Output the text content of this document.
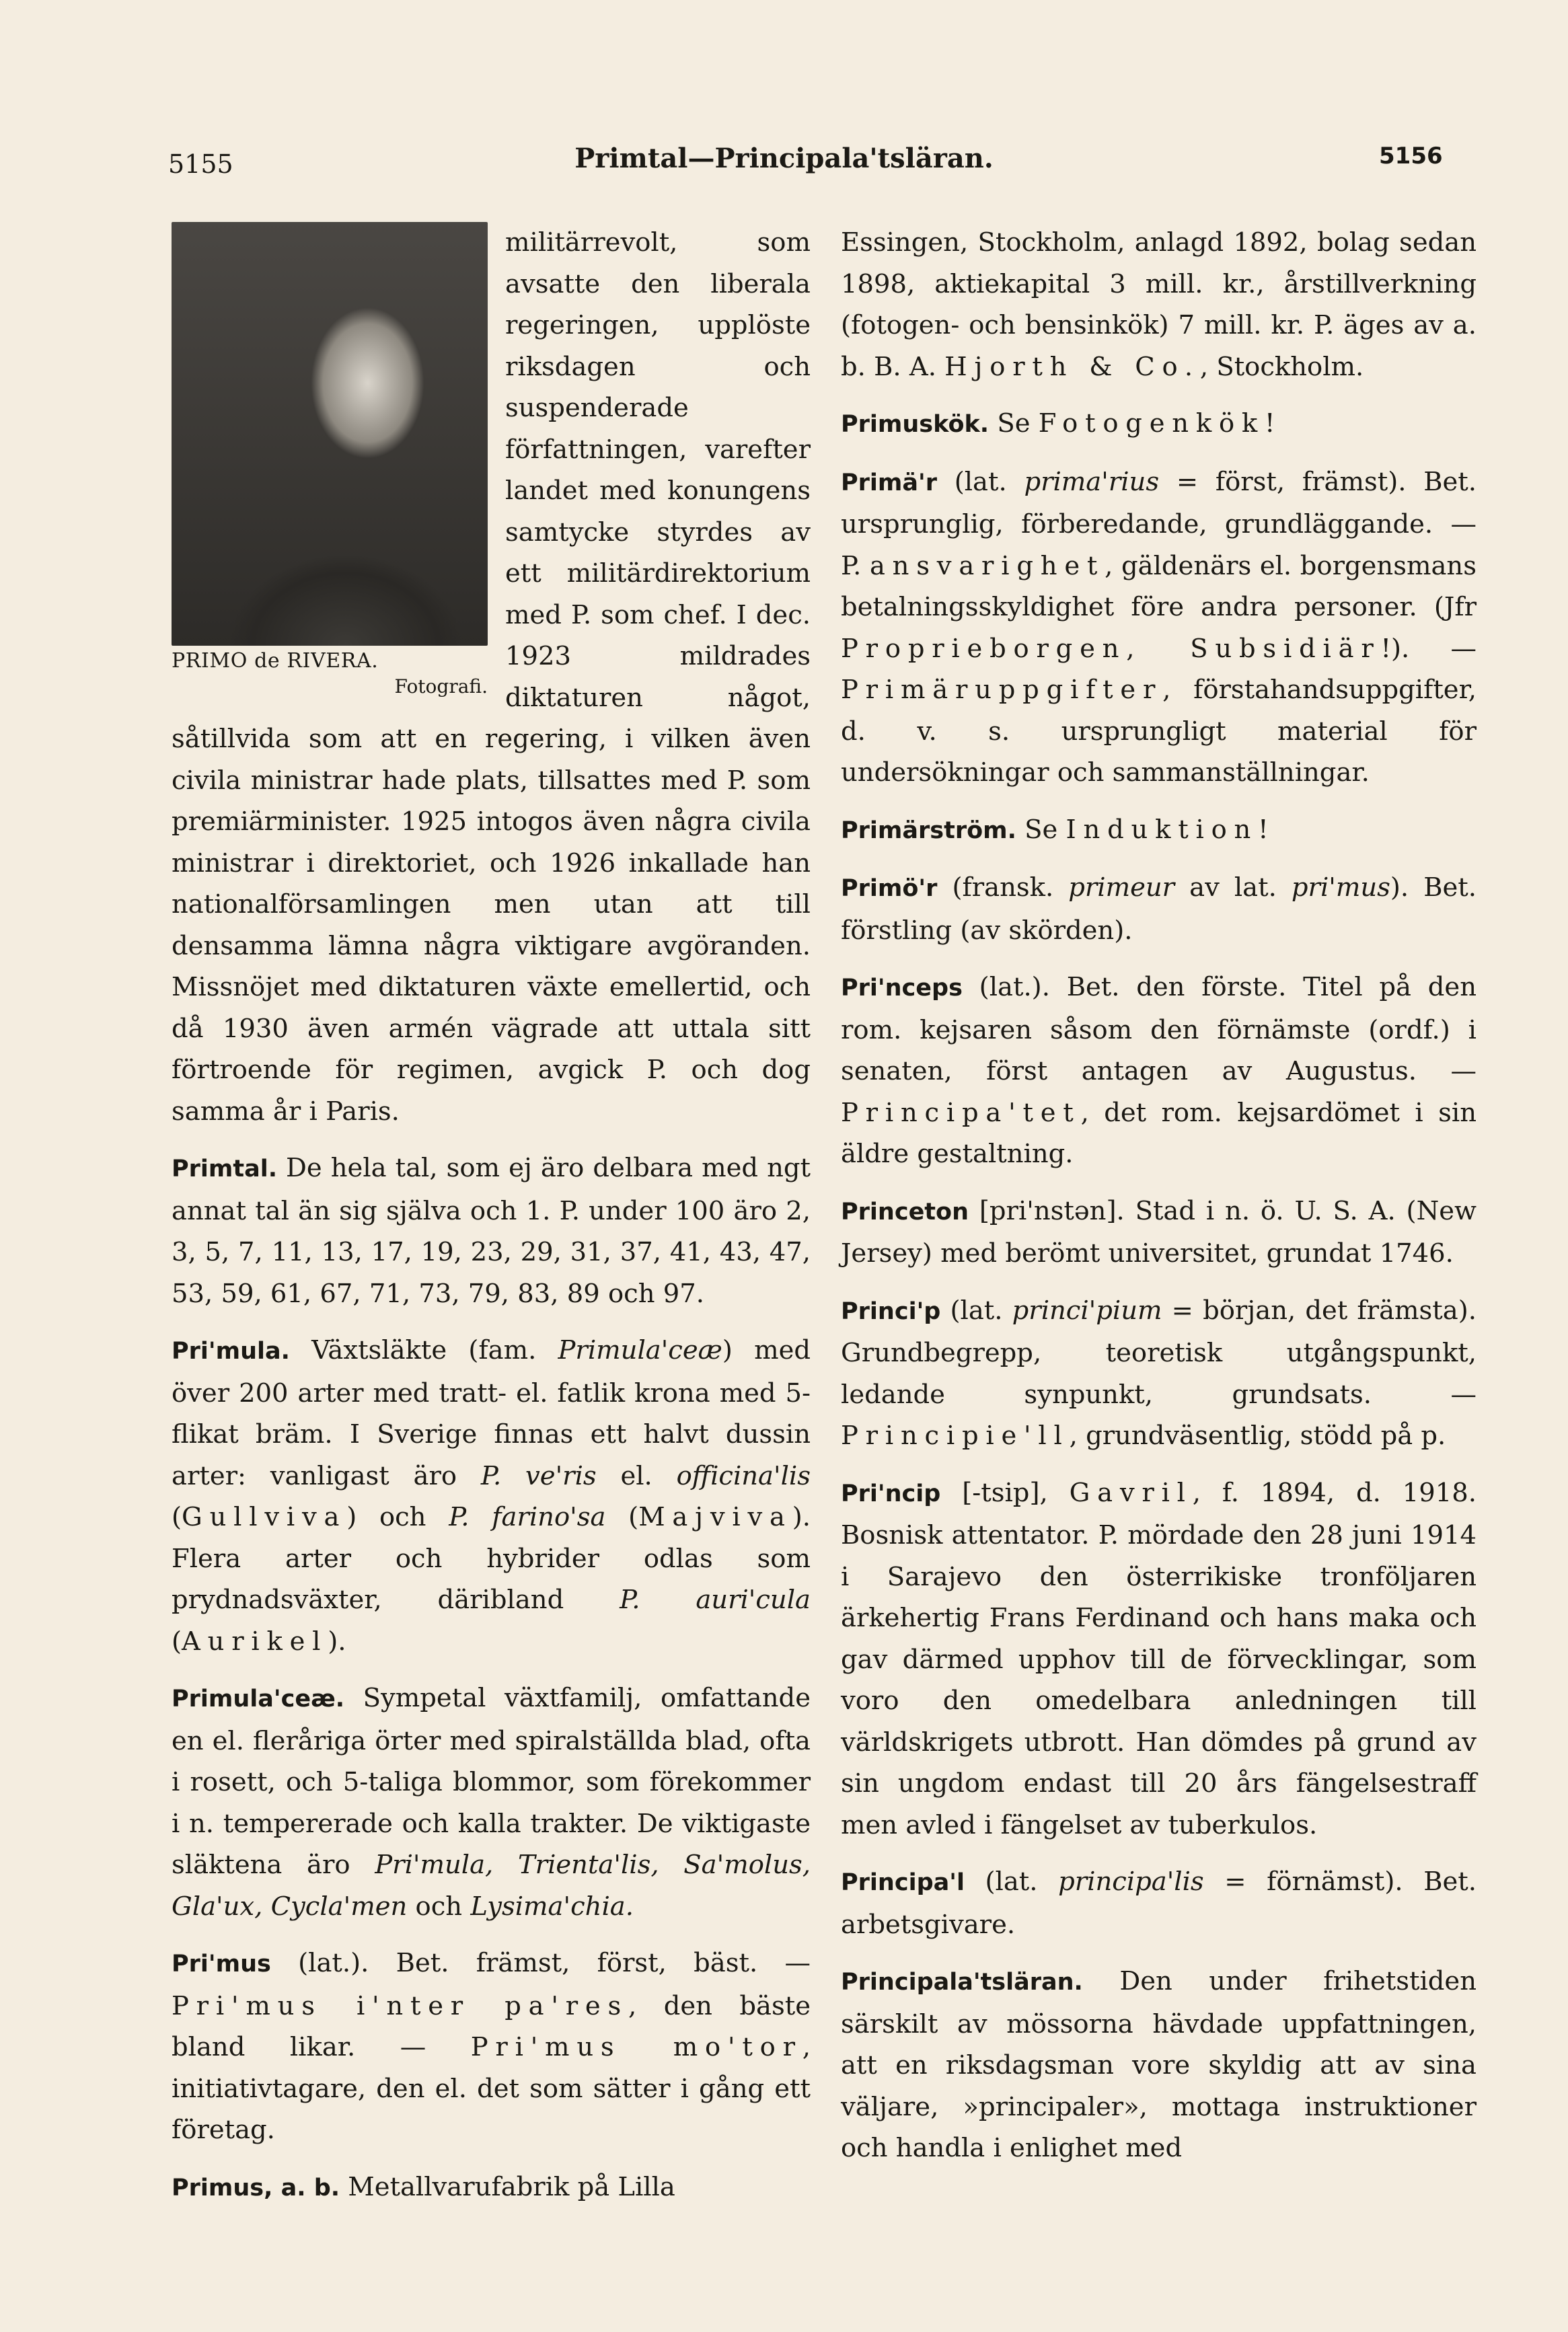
5155	Primtal—Principala'tsläran.	5156
PRIMO de RIVERA.
Fotografi.

militärrevolt, som avsatte den liberala regeringen, upplöste riksdagen och suspenderade författningen, varefter landet med konungens samtycke styrdes av ett militärdirektorium med P. som chef. I dec. 1923 mildrades diktaturen något, såtillvida som att en regering, i vilken även civila ministrar hade plats, tillsattes med P. som premiärminister. 1925 intogos även några civila ministrar i direktoriet, och 1926 inkallade han nationalförsamlingen men utan att till densamma lämna några viktigare avgöranden. Missnöjet med diktaturen växte emellertid, och då 1930 även armén vägrade att uttala sitt förtroende för regimen, avgick P. och dog samma år i Paris.

Primtal. De hela tal, som ej äro delbara med ngt annat tal än sig själva och 1. P. under 100 äro 2, 3, 5, 7, 11, 13, 17, 19, 23, 29, 31, 37, 41, 43, 47, 53, 59, 61, 67, 71, 73, 79, 83, 89 och 97.

Pri'mula. Växtsläkte (fam. Primula'ceæ) med över 200 arter med tratt- el. fatlik krona med 5-flikat bräm. I Sverige finnas ett halvt dussin arter: vanligast äro P. ve'ris el. officina'lis (Gullviva) och P. farino'sa (Majviva). Flera arter och hybrider odlas som prydnadsväxter, däribland P. auri'cula (Aurikel).

Primula'ceæ. Sympetal växtfamilj, omfattande en el. fleråriga örter med spiralställda blad, ofta i rosett, och 5-taliga blommor, som förekommer i n. tempererade och kalla trakter. De viktigaste släktena äro Pri'mula, Trienta'lis, Sa'molus, Gla'ux, Cycla'men och Lysima'chia.

Pri'mus (lat.). Bet. främst, först, bäst. — Pri'mus i'nter pa'res, den bäste bland likar. — Pri'mus mo'tor, initiativtagare, den el. det som sätter i gång ett företag.

Primus, a. b. Metallvarufabrik på Lilla

Essingen, Stockholm, anlagd 1892, bolag sedan 1898, aktiekapital 3 mill. kr., årstillverkning (fotogen- och bensinkök) 7 mill. kr. P. äges av a. b. B. A. Hjorth & Co., Stockholm.

Primuskök. Se Fotogenkök!

Primä'r (lat. prima'rius = först, främst). Bet. ursprunglig, förberedande, grundläggande. — P. ansvarighet, gäldenärs el. borgensmans betalningsskyldighet före andra personer. (Jfr Proprieborgen, Subsidiär!). — Primäruppgifter, förstahandsuppgifter, d. v. s. ursprungligt material för undersökningar och sammanställningar.

Primärström. Se Induktion!

Primö'r (fransk. primeur av lat. pri'mus). Bet. förstling (av skörden).

Pri'nceps (lat.). Bet. den förste. Titel på den rom. kejsaren såsom den förnämste (ordf.) i senaten, först antagen av Augustus. — Principa'tet, det rom. kejsardömet i sin äldre gestaltning.

Princeton [pri'nstən]. Stad i n. ö. U. S. A. (New Jersey) med berömt universitet, grundat 1746.

Princi'p (lat. princi'pium = början, det främsta). Grundbegrepp, teoretisk utgångspunkt, ledande synpunkt, grundsats. — Principie'll, grundväsentlig, stödd på p.

Pri'ncip [-tsip], Gavril, f. 1894, d. 1918. Bosnisk attentator. P. mördade den 28 juni 1914 i Sarajevo den österrikiske tronföljaren ärkehertig Frans Ferdinand och hans maka och gav därmed upphov till de förvecklingar, som voro den omedelbara anledningen till världskrigets utbrott. Han dömdes på grund av sin ungdom endast till 20 års fängelsestraff men avled i fängelset av tuberkulos.

Principa'l (lat. principa'lis = förnämst). Bet. arbetsgivare.

Principala'tsläran. Den under frihetstiden särskilt av mössorna hävdade uppfattningen, att en riksdagsman vore skyldig att av sina väljare, »principaler», mottaga instruktioner och handla i enlighet med
